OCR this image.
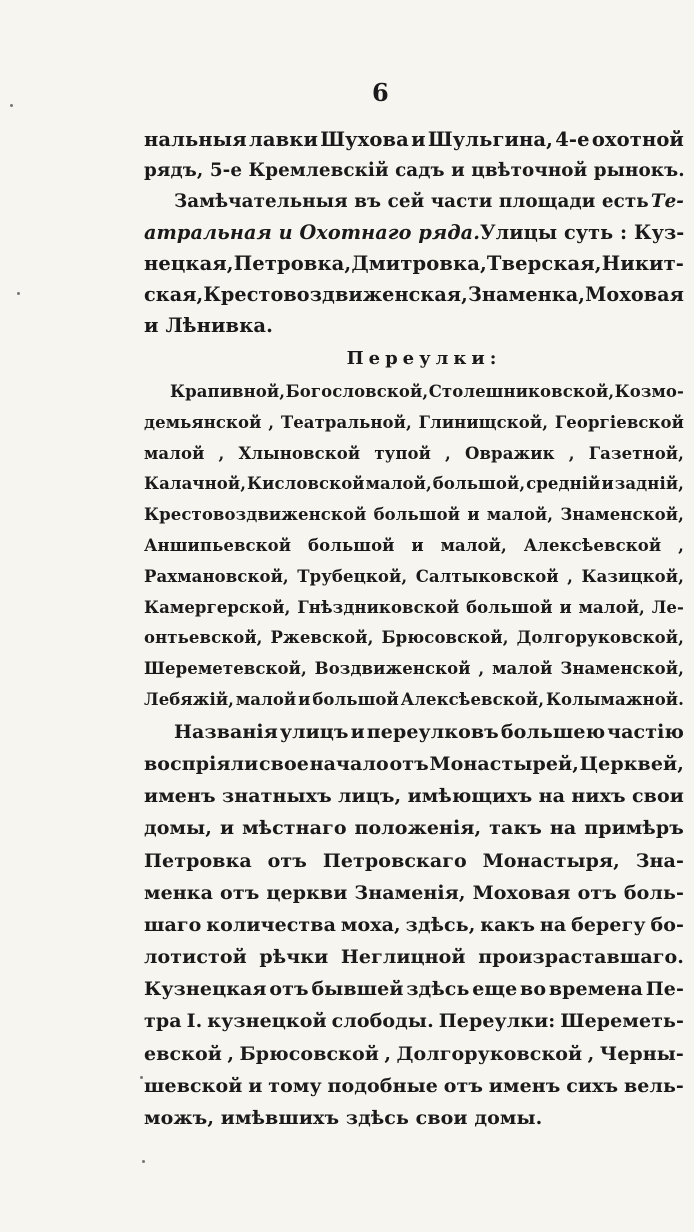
6
нальныя лавки Шухова и Шульгина, 4-е охотной
рядъ, 5-е Кремлевскій садъ и цвѣточной рынокъ.
Замѣчательныя въ сей части площади есть Те-
атральная и Охотнаго ряда. Улицы суть : Куз-
нецкая, Петровка, Дмитровка, Тверская, Никит-
ская, Крестовоздвиженская, Знаменка, Моховая
и Лѣнивка.
Переулки:
Крапивной, Богословской, Столешниковской, Козмо-
демьянской , Театральной, Глинищской, Георгіевской
малой , Хлыновской тупой , Овражик , Газетной,
Калачной, Кисловской малой, большой, средній и задній,
Крестовоздвиженской большой и малой, Знаменской,
Аншипьевской большой и малой, Алексѣевской ,
Рахмановской, Трубецкой, Салтыковской , Казицкой,
Камергерской, Гнѣздниковской большой и малой, Ле-
онтьевской, Ржевской, Брюсовской, Долгоруковской,
Шереметевской, Воздвиженской , малой Знаменской,
Лебяжій, малой и большой Алексѣевской, Колымажной.
Названія улицъ и переулковъ большею частію
воспріяли свое начало отъ Монастырей, Церквей,
именъ знатныхъ лицъ, имѣющихъ на нихъ свои
домы, и мѣстнаго положенія, такъ на примѣръ
Петровка отъ Петровскаго Монастыря, Зна-
менка отъ церкви Знаменія, Моховая отъ боль-
шаго количества моха, здѣсь, какъ на берегу бо-
лотистой рѣчки Неглицной произраставшаго.
Кузнецкая отъ бывшей здѣсь еще во времена Пе-
тра I. кузнецкой слободы. Переулки: Шереметь-
евской , Брюсовской , Долгоруковской , Черны-
шевской и тому подобные отъ именъ сихъ вель-
можъ, имѣвшихъ здѣсь свои домы.
